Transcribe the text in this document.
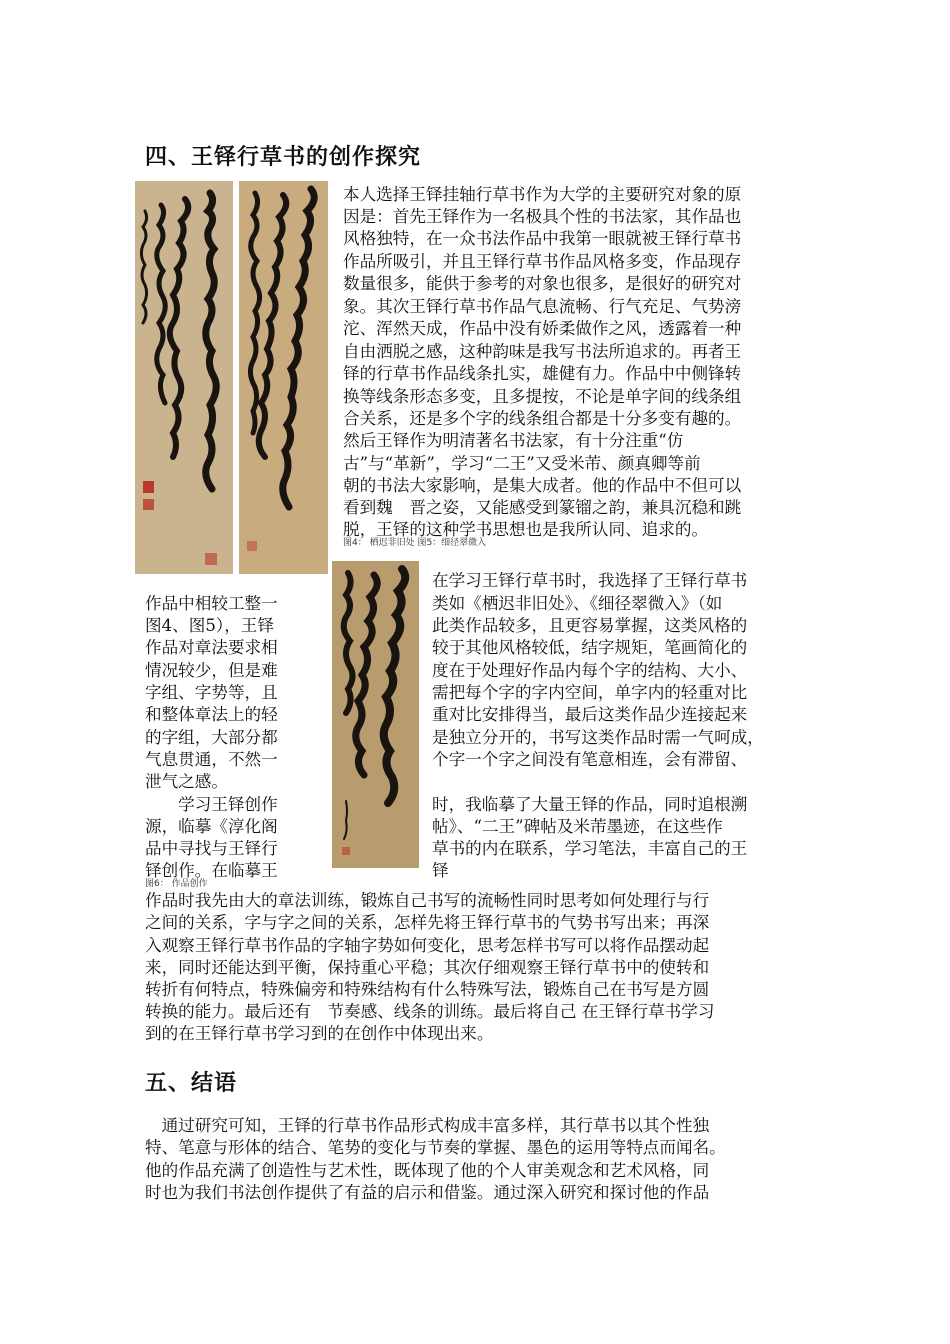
四、王铎行草书的创作探究
本人选择王铎挂轴行草书作为大学的主要研究对象的原
因是：首先王铎作为一名极具个性的书法家，其作品也
风格独特，在一众书法作品中我第一眼就被王铎行草书
作品所吸引，并且王铎行草书作品风格多变，作品现存
数量很多，能供于参考的对象也很多，是很好的研究对
象。其次王铎行草书作品气息流畅、行气充足、气势滂
沱、浑然天成，作品中没有娇柔做作之风，透露着一种
自由洒脱之感，这种韵味是我写书法所追求的。再者王
铎的行草书作品线条扎实，雄健有力。作品中中侧锋转
换等线条形态多变，且多提按，不论是单字间的线条组
合关系，还是多个字的线条组合都是十分多变有趣的。
然后王铎作为明清著名书法家，有十分注重“仿
古”与“革新”，学习“二王”又受米芾、颜真卿等前
朝的书法大家影响，是集大成者。他的作品中不但可以
看到魏　晋之姿，又能感受到篆镏之韵，兼具沉稳和跳
脱，王铎的这种学书思想也是我所认同、追求的。
图4： 栖迟非旧处 图5：细径翠微入
在学习王铎行草书时，我选择了王铎行草书
类如《栖迟非旧处》、《细径翠微入》（如
此类作品较多，且更容易掌握，这类风格的
较于其他风格较低，结字规矩，笔画简化的
度在于处理好作品内每个字的结构、大小、
需把每个字的字内空间，单字内的轻重对比
重对比安排得当，最后这类作品少连接起来
是独立分开的，书写这类作品时需一气呵成，
个字一个字之间没有笔意相连，会有滞留、
作品中相较工整一
图4、图5），王铎
作品对章法要求相
情况较少，但是难
字组、字势等，且
和整体章法上的轻
的字组，大部分都
气息贯通，不然一
泄气之感。
　　学习王铎创作
源，临摹《淳化阁
品中寻找与王铎行
铎创作。在临摹王
时，我临摹了大量王铎的作品，同时追根溯
帖》、“二王”碑帖及米芾墨迹，在这些作
草书的内在联系，学习笔法，丰富自己的王
铎
图6： 作品创作
作品时我先由大的章法训练，锻炼自己书写的流畅性同时思考如何处理行与行
之间的关系，字与字之间的关系，怎样先将王铎行草书的气势书写出来；再深
入观察王铎行草书作品的字轴字势如何变化，思考怎样书写可以将作品摆动起
来，同时还能达到平衡，保持重心平稳；其次仔细观察王铎行草书中的使转和
转折有何特点，特殊偏旁和特殊结构有什么特殊写法，锻炼自己在书写是方圆
转换的能力。最后还有　节奏感、线条的训练。最后将自己 在王铎行草书学习
到的在王铎行草书学习到的在创作中体现出来。
五、结语
　通过研究可知，王铎的行草书作品形式构成丰富多样，其行草书以其个性独
特、笔意与形体的结合、笔势的变化与节奏的掌握、墨色的运用等特点而闻名。
他的作品充满了创造性与艺术性，既体现了他的个人审美观念和艺术风格，同
时也为我们书法创作提供了有益的启示和借鉴。通过深入研究和探讨他的作品
